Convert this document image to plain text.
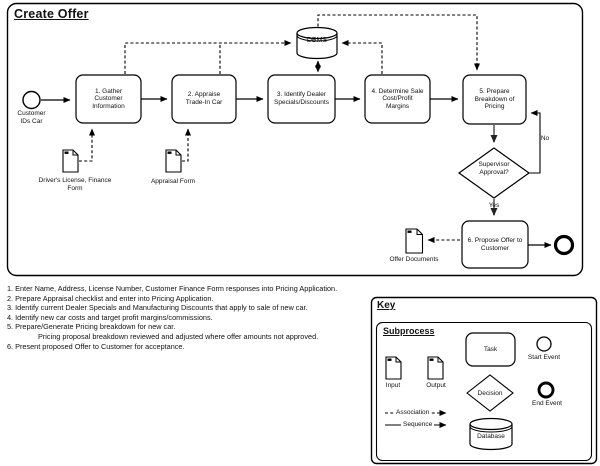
Create Offer
Customer IDs Car
1. Gather Customer Information
2. Appraise Trade-In Car
3. Identify Dealer Specials/Discounts
4. Determine Sale Cost/Profit Margins
5. Prepare Breakdown of Pricing
6. Propose Offer to Customer
DBMS
Supervisor Approval?
Yes
No
Driver's License, Finance Form
Appraisal Form
Offer Documents
1. Enter Name, Address, License Number, Customer Finance Form responses into Pricing Application.
2. Prepare Appraisal checklist and enter into Pricing Application.
3. Identify current Dealer Specials and Manufacturing Discounts that apply to sale of new car.
4. Identify new car costs and target profit margins/commissions.
5. Prepare/Generate Pricing breakdown for new car.
Pricing proposal breakdown reviewed and adjusted where offer amounts not approved.
6. Present proposed Offer to Customer for acceptance.
Key
Subprocess
Input	Output
Task
Decision
Database
Start Event
End Event
Association
Sequence
